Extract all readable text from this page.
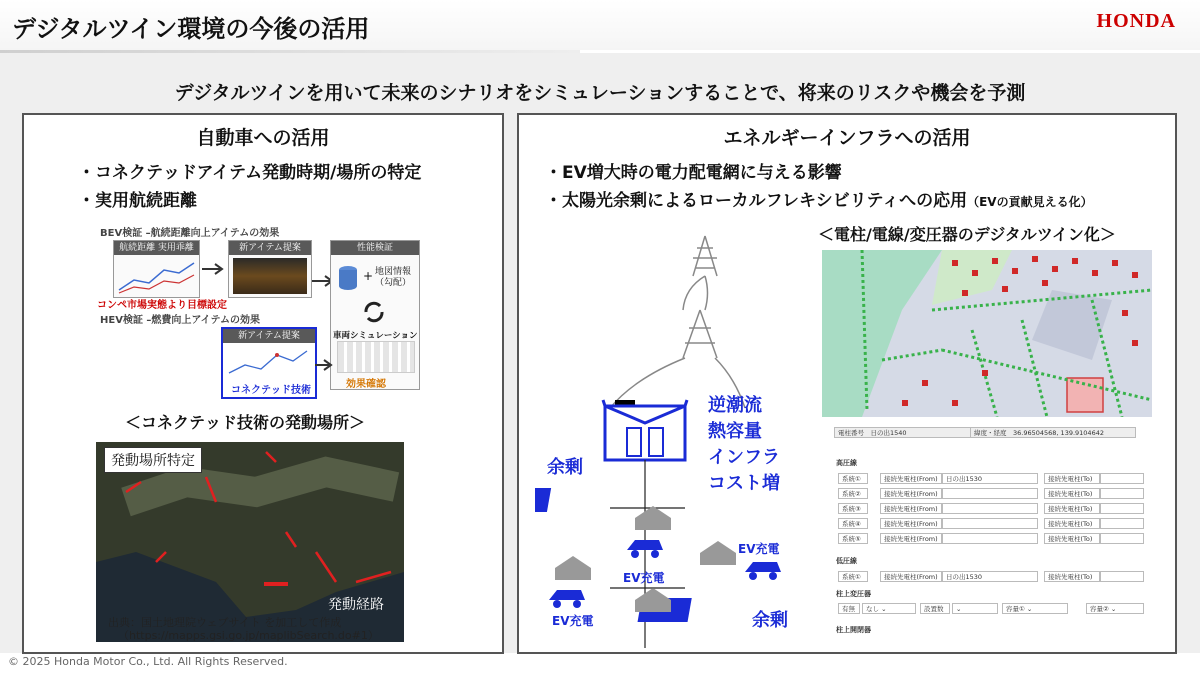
デジタルツイン環境の今後の活用	HONDA
デジタルツインを用いて未来のシナリオをシミュレーションすることで、将来のリスクや機会を予測
自動車への活用
・コネクテッドアイテム発動時期/場所の特定
・実用航続距離
BEV検証 –航続距離向上アイテムの効果
航続距離 実用乖離	新アイテム提案	性能検証
+ 地図情報
（勾配）
車両シミュレーション
コンペ市場実態より目標設定
HEV検証 –燃費向上アイテムの効果
新アイテム提案
コネクテッド技術
効果確認
＜コネクテッド技術の発動場所＞
発動場所特定
発動経路
出典：国土地理院ウェブサイト を加工して作成
（https://mapps.gsi.go.jp/maplibSearch.do#1）
エネルギーインフラへの活用
・EV増大時の電力配電網に与える影響
・太陽光余剰によるローカルフレキシビリティへの応用（EVの貢献見える化）
＜電柱/電線/変圧器のデジタルツイン化＞
逆潮流
熱容量
インフラ
コスト増
余剰
余剰
EV充電
EV充電
EV充電
電柱番号　 日の出1540	緯度・経度　 36.96504568, 139.9104642
高圧線
系統①	接続先電柱(From)	日の出1530	接続先電柱(To)
系統②	接続先電柱(From)	接続先電柱(To)
系統③	接続先電柱(From)	接続先電柱(To)
系統④	接続先電柱(From)	接続先電柱(To)
系統⑤	接続先電柱(From)	接続先電柱(To)
低圧線
系統①	接続先電柱(From)	日の出1530	接続先電柱(To)
柱上変圧器
有無	なし ⌄	設置数	⌄	容量① ⌄	容量② ⌄
柱上開閉器
© 2025 Honda Motor Co., Ltd. All Rights Reserved.
